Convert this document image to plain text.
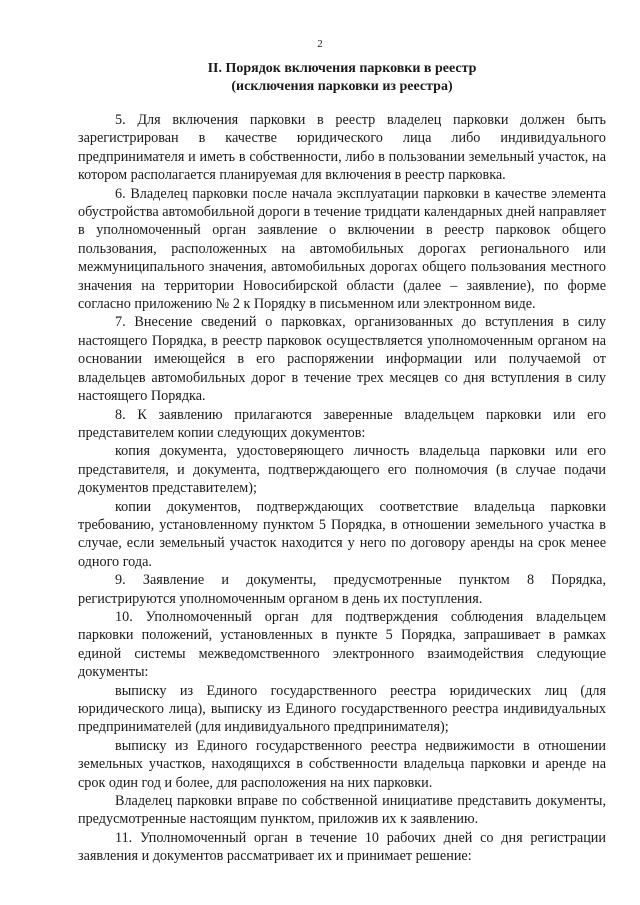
2
II. Порядок включения парковки в реестр
(исключения парковки из реестра)

5. Для включения парковки в реестр владелец парковки должен быть зарегистрирован в качестве юридического лица либо индивидуального предпринимателя и иметь в собственности, либо в пользовании земельный участок, на котором располагается планируемая для включения в реестр парковка.

6. Владелец парковки после начала эксплуатации парковки в качестве элемента обустройства автомобильной дороги в течение тридцати календарных дней направляет в уполномоченный орган заявление о включении в реестр парковок общего пользования, расположенных на автомобильных дорогах регионального или межмуниципального значения, автомобильных дорогах общего пользования местного значения на территории Новосибирской области (далее – заявление), по форме согласно приложению № 2 к Порядку в письменном или электронном виде.

7. Внесение сведений о парковках, организованных до вступления в силу настоящего Порядка, в реестр парковок осуществляется уполномоченным органом на основании имеющейся в его распоряжении информации или получаемой от владельцев автомобильных дорог в течение трех месяцев со дня вступления в силу настоящего Порядка.

8. К заявлению прилагаются заверенные владельцем парковки или его представителем копии следующих документов:

копия документа, удостоверяющего личность владельца парковки или его представителя, и документа, подтверждающего его полномочия (в случае подачи документов представителем);

копии документов, подтверждающих соответствие владельца парковки требованию, установленному пунктом 5 Порядка, в отношении земельного участка в случае, если земельный участок находится у него по договору аренды на срок менее одного года.

9. Заявление и документы, предусмотренные пунктом 8 Порядка, регистрируются уполномоченным органом в день их поступления.

10. Уполномоченный орган для подтверждения соблюдения владельцем парковки положений, установленных в пункте 5 Порядка, запрашивает в рамках единой системы межведомственного электронного взаимодействия следующие документы:

выписку из Единого государственного реестра юридических лиц (для юридического лица), выписку из Единого государственного реестра индивидуальных предпринимателей (для индивидуального предпринимателя);

выписку из Единого государственного реестра недвижимости в отношении земельных участков, находящихся в собственности владельца парковки и аренде на срок один год и более, для расположения на них парковки.

Владелец парковки вправе по собственной инициативе представить документы, предусмотренные настоящим пунктом, приложив их к заявлению.

11. Уполномоченный орган в течение 10 рабочих дней со дня регистрации заявления и документов рассматривает их и принимает решение:
